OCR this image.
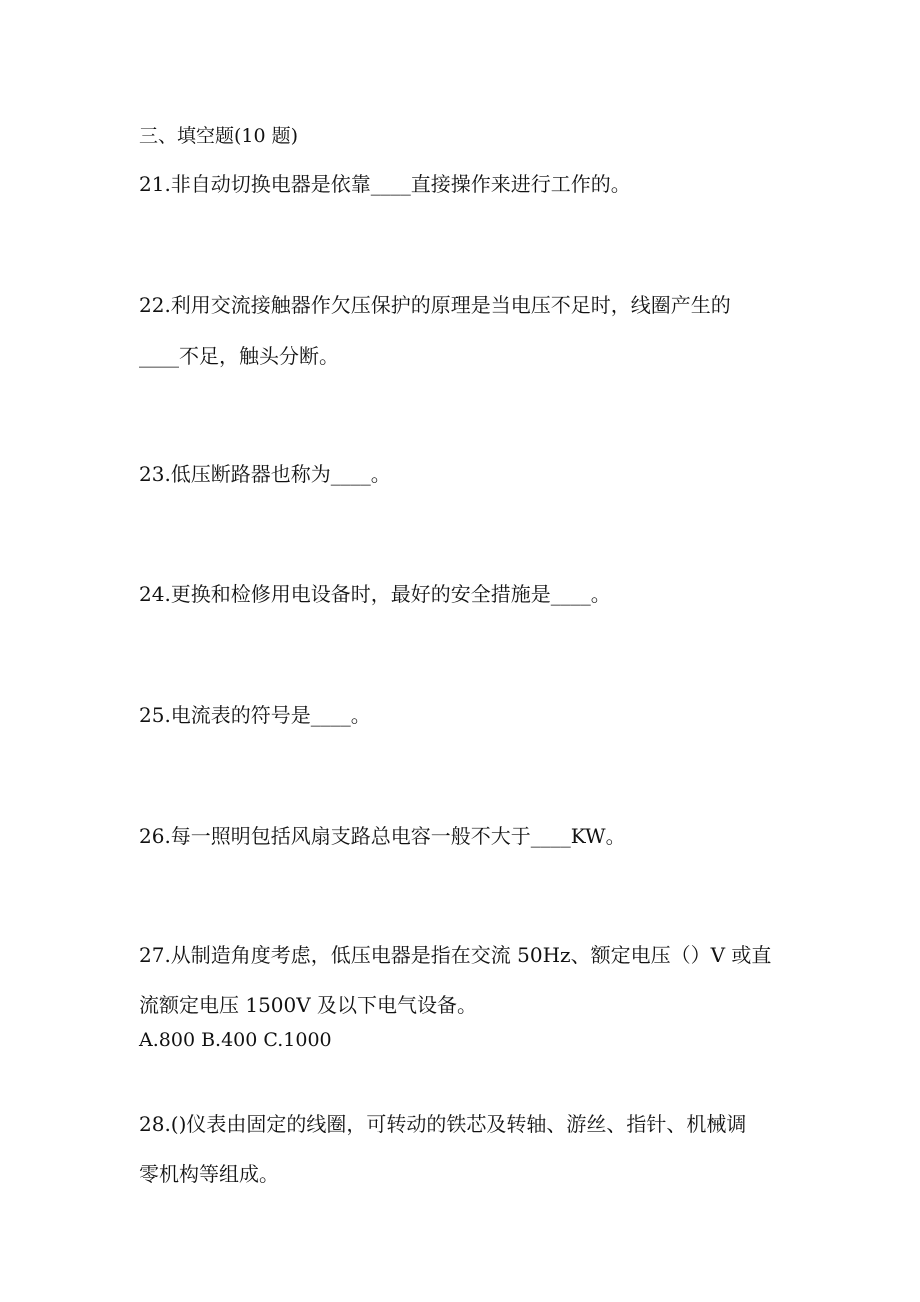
三、填空题(10 题)
21.非自动切换电器是依靠____直接操作来进行工作的。
22.利用交流接触器作欠压保护的原理是当电压不足时，线圈产生的
____不足，触头分断。
23.低压断路器也称为____。
24.更换和检修用电设备时，最好的安全措施是____。
25.电流表的符号是____。
26.每一照明包括风扇支路总电容一般不大于____KW。
27.从制造角度考虑，低压电器是指在交流 50Hz、额定电压（）V 或直
流额定电压 1500V 及以下电气设备。
A.800 B.400 C.1000
28.()仪表由固定的线圈，可转动的铁芯及转轴、游丝、指针、机械调
零机构等组成。
